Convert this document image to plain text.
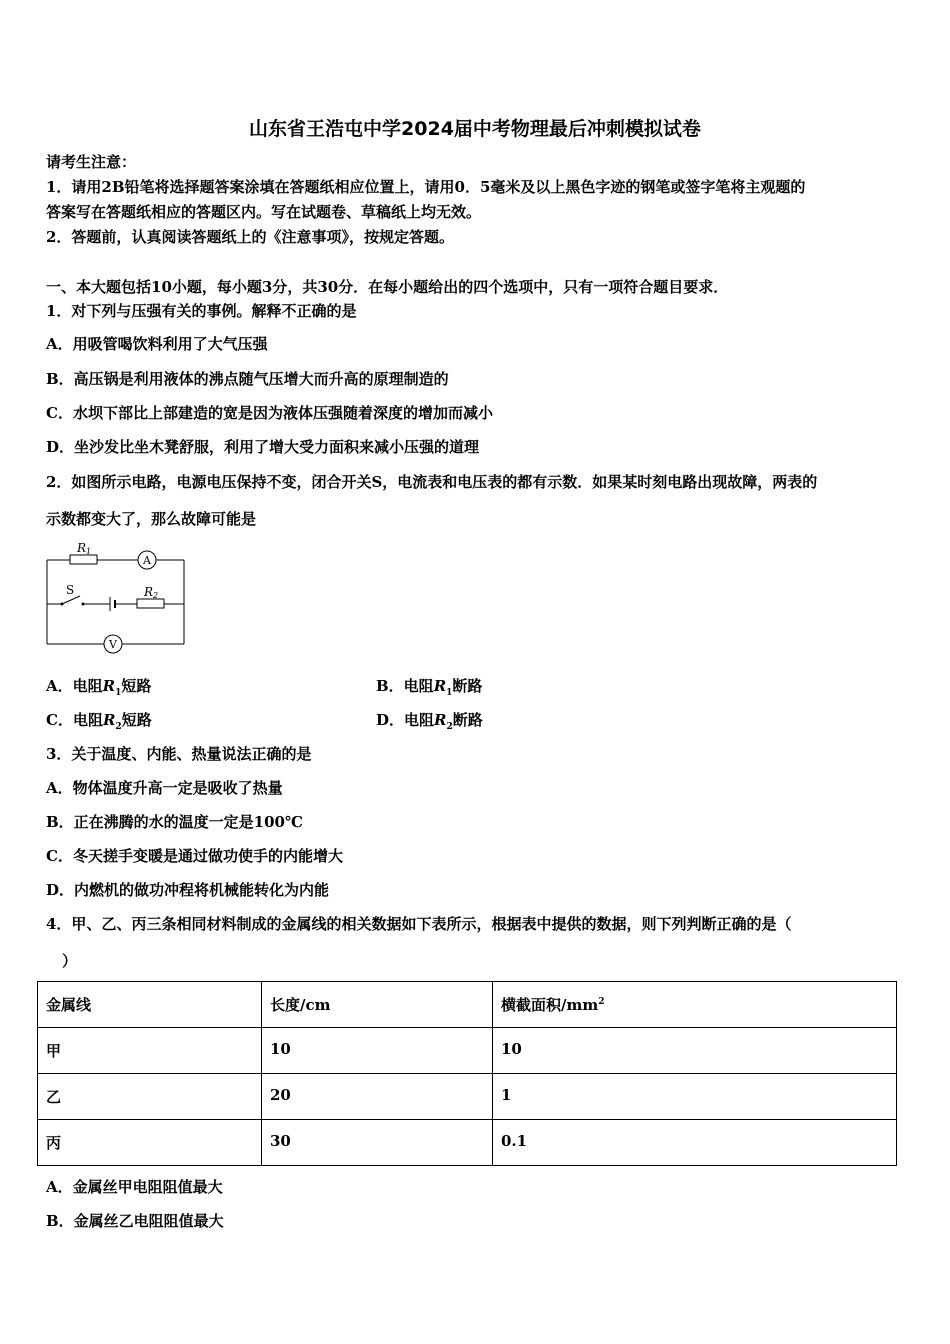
山东省王浩屯中学2024届中考物理最后冲刺模拟试卷
请考生注意：
1．请用2B铅笔将选择题答案涂填在答题纸相应位置上，请用0．5毫米及以上黑色字迹的钢笔或签字笔将主观题的
答案写在答题纸相应的答题区内。写在试题卷、草稿纸上均无效。
2．答题前，认真阅读答题纸上的《注意事项》，按规定答题。
一、本大题包括10小题，每小题3分，共30分．在每小题给出的四个选项中，只有一项符合题目要求．
1．对下列与压强有关的事例。解释不正确的是
A．用吸管喝饮料利用了大气压强
B．高压锅是利用液体的沸点随气压增大而升高的原理制造的
C．水坝下部比上部建造的宽是因为液体压强随着深度的增加而减小
D．坐沙发比坐木凳舒服，利用了增大受力面积来减小压强的道理
2．如图所示电路，电源电压保持不变，闭合开关S，电流表和电压表的都有示数．如果某时刻电路出现故障，两表的
示数都变大了，那么故障可能是
R1
A
V
S	R2
A．电阻$R_1$短路	B．电阻$R_1$断路
C．电阻$R_2$短路	D．电阻$R_2$断路
3．关于温度、内能、热量说法正确的是
A．物体温度升高一定是吸收了热量
B．正在沸腾的水的温度一定是100℃
C．冬天搓手变暖是通过做功使手的内能增大
D．内燃机的做功冲程将机械能转化为内能
4．甲、乙、丙三条相同材料制成的金属线的相关数据如下表所示，根据表中提供的数据，则下列判断正确的是（
）
金属线	长度/cm	横截面积$/mm^2$
甲	10	10
乙	20	1
丙	30	0.1
A．金属丝甲电阻阻值最大
B．金属丝乙电阻阻值最大
